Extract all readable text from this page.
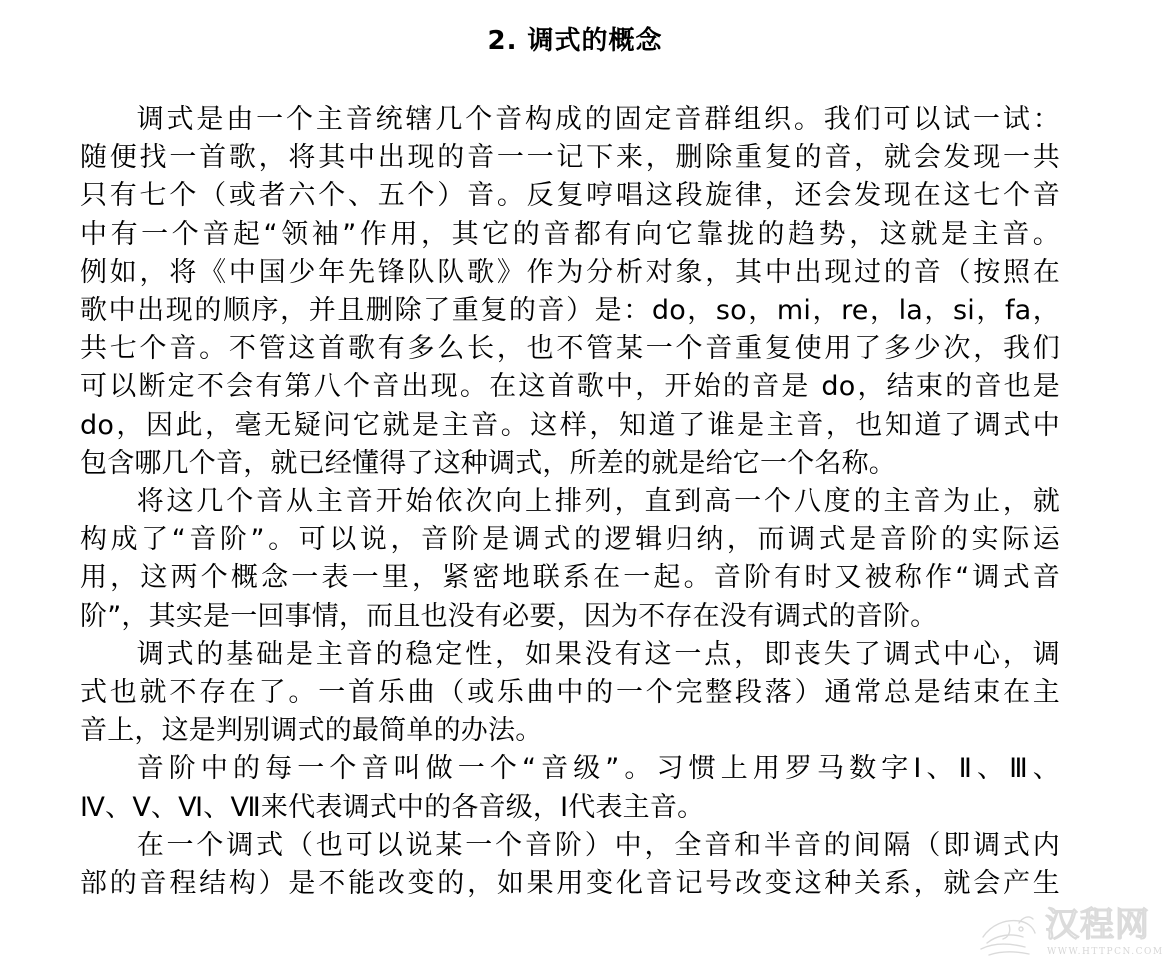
2. 调式的概念

调式是由一个主音统辖几个音构成的固定音群组织。我们可以试一试：
随便找一首歌，将其中出现的音一一记下来，删除重复的音，就会发现一共
只有七个（或者六个、五个）音。反复哼唱这段旋律，还会发现在这七个音
中有一个音起“领袖”作用，其它的音都有向它靠拢的趋势，这就是主音。
例如，将《中国少年先锋队队歌》作为分析对象，其中出现过的音（按照在
歌中出现的顺序，并且删除了重复的音）是：do，so，mi，re，la，si，fa，
共七个音。不管这首歌有多么长，也不管某一个音重复使用了多少次，我们
可以断定不会有第八个音出现。在这首歌中，开始的音是 do，结束的音也是
do，因此，毫无疑问它就是主音。这样，知道了谁是主音，也知道了调式中
包含哪几个音，就已经懂得了这种调式，所差的就是给它一个名称。

将这几个音从主音开始依次向上排列，直到高一个八度的主音为止，就
构成了“音阶”。可以说，音阶是调式的逻辑归纳，而调式是音阶的实际运
用，这两个概念一表一里，紧密地联系在一起。音阶有时又被称作“调式音
阶”，其实是一回事情，而且也没有必要，因为不存在没有调式的音阶。

调式的基础是主音的稳定性，如果没有这一点，即丧失了调式中心，调
式也就不存在了。一首乐曲（或乐曲中的一个完整段落）通常总是结束在主
音上，这是判别调式的最简单的办法。

音阶中的每一个音叫做一个“音级”。习惯上用罗马数字Ⅰ、Ⅱ、Ⅲ、
Ⅳ、Ⅴ、Ⅵ、Ⅶ来代表调式中的各音级，Ⅰ代表主音。

在一个调式（也可以说某一个音阶）中，全音和半音的间隔（即调式内
部的音程结构）是不能改变的，如果用变化音记号改变这种关系，就会产生

汉程网
WWW.HTTPCN.COM
